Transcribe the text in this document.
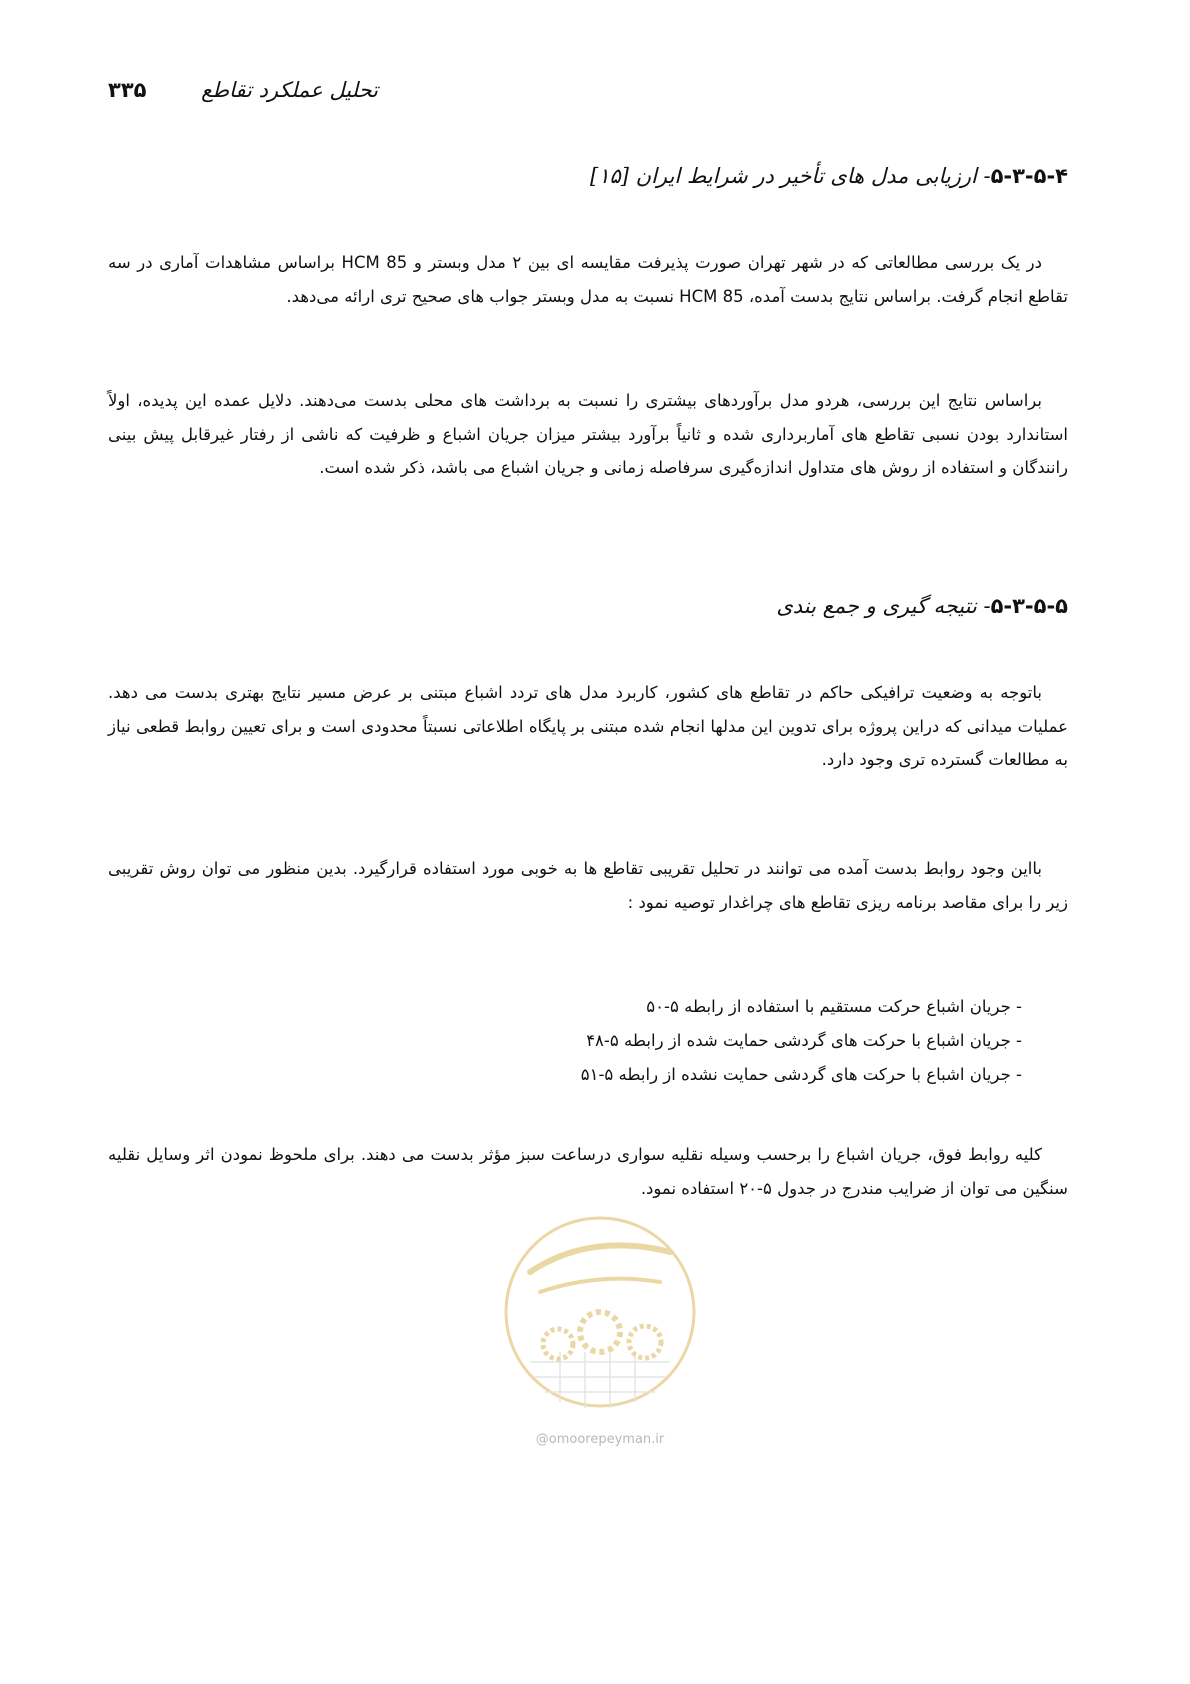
تحلیل عملکرد تقاطع
۳۳۵
۵-۳-۵-۴- ارزیابی مدل های تأخیر در شرایط ایران [۱۵]

در یک بررسی مطالعاتی که در شهر تهران صورت پذیرفت مقایسه ای بین ۲ مدل وبستر و HCM 85 براساس مشاهدات آماری در سه تقاطع انجام گرفت. براساس نتایج بدست آمده، HCM 85 نسبت به مدل وبستر جواب های صحیح تری ارائه می‌دهد.

براساس نتایج این بررسی، هردو مدل برآوردهای بیشتری را نسبت به برداشت های محلی بدست می‌دهند. دلایل عمده این پدیده، اولاً استاندارد بودن نسبی تقاطع های آماربرداری شده و ثانیاً برآورد بیشتر میزان جریان اشباع و ظرفیت که ناشی از رفتار غیرقابل پیش بینی رانندگان و استفاده از روش های متداول اندازه‌گیری سرفاصله زمانی و جریان اشباع می باشد، ذکر شده است.

۵-۳-۵-۵- نتیجه گیری و جمع بندی

باتوجه به وضعیت ترافیکی حاکم در تقاطع های کشور، کاربرد مدل های تردد اشباع مبتنی بر عرض مسیر نتایج بهتری بدست می دهد. عملیات میدانی که دراین پروژه برای تدوین این مدلها انجام شده مبتنی بر پایگاه اطلاعاتی نسبتاً محدودی است و برای تعیین روابط قطعی نیاز به مطالعات گسترده تری وجود دارد.

بااین وجود روابط بدست آمده می توانند در تحلیل تقریبی تقاطع ها به خوبی مورد استفاده قرارگیرد. بدین منظور می توان روش تقریبی زیر را برای مقاصد برنامه ریزی تقاطع های چراغدار توصیه نمود :

- جریان اشباع حرکت مستقیم با استفاده از رابطه ۵-۵۰
- جریان اشباع با حرکت های گردشی حمایت شده از رابطه ۵-۴۸
- جریان اشباع با حرکت های گردشی حمایت نشده از رابطه ۵-۵۱

کلیه روابط فوق، جریان اشباع را برحسب وسیله نقلیه سواری درساعت سبز مؤثر بدست می دهند. برای ملحوظ نمودن اثر وسایل نقلیه سنگین می توان از ضرایب مندرج در جدول ۵-۲۰ استفاده نمود.

@omoorepeyman.ir
